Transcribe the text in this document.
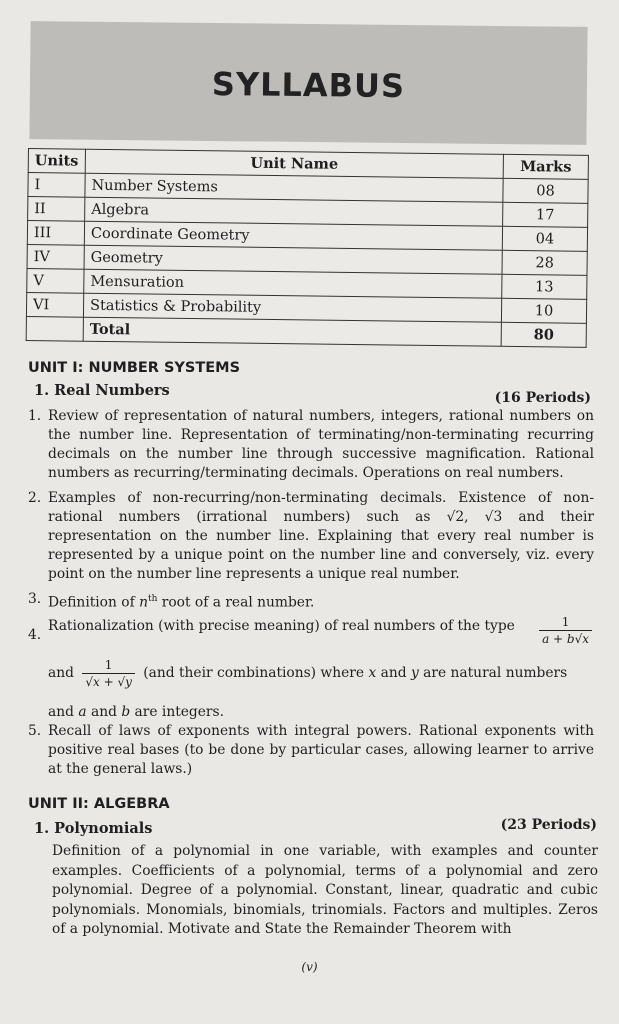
SYLLABUS
Units	Unit Name	Marks
I	Number Systems	08
II	Algebra	17
III	Coordinate Geometry	04
IV	Geometry	28
V	Mensuration	13
VI	Statistics & Probability	10
	Total	80
UNIT I: NUMBER SYSTEMS
1. Real Numbers	(16 Periods)
1. Review of representation of natural numbers, integers, rational numbers on the number line. Representation of terminating/non-terminating recurring decimals on the number line through successive magnification. Rational numbers as recurring/terminating decimals. Operations on real numbers.
2. Examples of non-recurring/non-terminating decimals. Existence of non-rational numbers (irrational numbers) such as √2, √3 and their representation on the number line. Explaining that every real number is represented by a unique point on the number line and conversely, viz. every point on the number line represents a unique real number.
3. Definition of $n^{th}$ root of a real number.
4.
Rationalization (with precise meaning) of real numbers of the type $\frac{1}{a + b√x}$
and $\frac{1}{√x + √y} (and$ their combinations) where x and y are natural numbers
and a and b are integers.
5. Recall of laws of exponents with integral powers. Rational exponents with positive real bases (to be done by particular cases, allowing learner to arrive at the general laws.)
UNIT II: ALGEBRA
1. Polynomials	(23 Periods)
Definition of a polynomial in one variable, with examples and counter examples. Coefficients of a polynomial, terms of a polynomial and zero polynomial. Degree of a polynomial. Constant, linear, quadratic and cubic polynomials. Monomials, binomials, trinomials. Factors and multiples. Zeros of a polynomial. Motivate and State the Remainder Theorem with
(v)
